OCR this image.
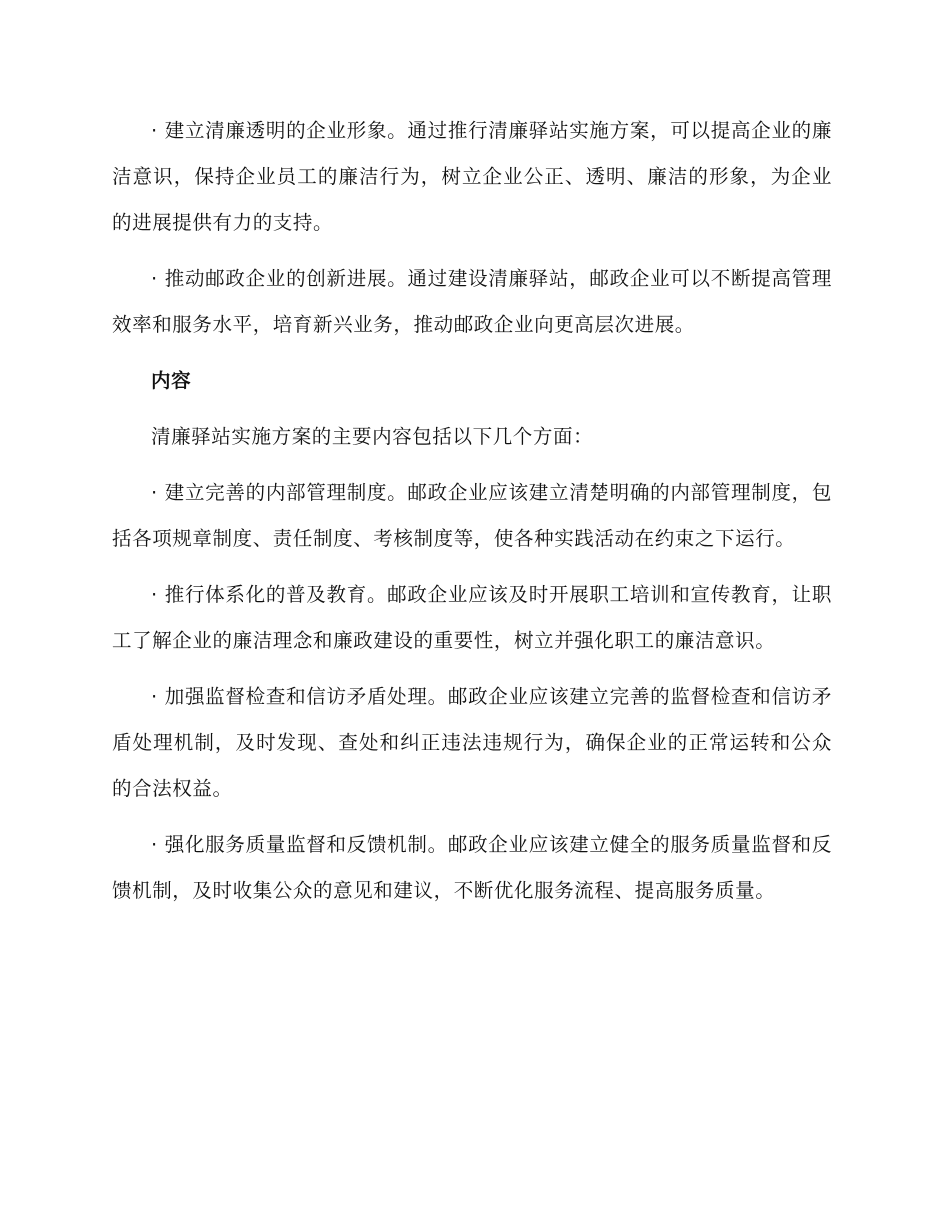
· 建立清廉透明的企业形象。通过推行清廉驿站实施方案，可以提高企业的廉洁意识，保持企业员工的廉洁行为，树立企业公正、透明、廉洁的形象，为企业的进展提供有力的支持。

· 推动邮政企业的创新进展。通过建设清廉驿站，邮政企业可以不断提高管理效率和服务水平，培育新兴业务，推动邮政企业向更高层次进展。

内容

清廉驿站实施方案的主要内容包括以下几个方面：

· 建立完善的内部管理制度。邮政企业应该建立清楚明确的内部管理制度，包括各项规章制度、责任制度、考核制度等，使各种实践活动在约束之下运行。

· 推行体系化的普及教育。邮政企业应该及时开展职工培训和宣传教育，让职工了解企业的廉洁理念和廉政建设的重要性，树立并强化职工的廉洁意识。

· 加强监督检查和信访矛盾处理。邮政企业应该建立完善的监督检查和信访矛盾处理机制，及时发现、查处和纠正违法违规行为，确保企业的正常运转和公众的合法权益。

· 强化服务质量监督和反馈机制。邮政企业应该建立健全的服务质量监督和反馈机制，及时收集公众的意见和建议，不断优化服务流程、提高服务质量。
